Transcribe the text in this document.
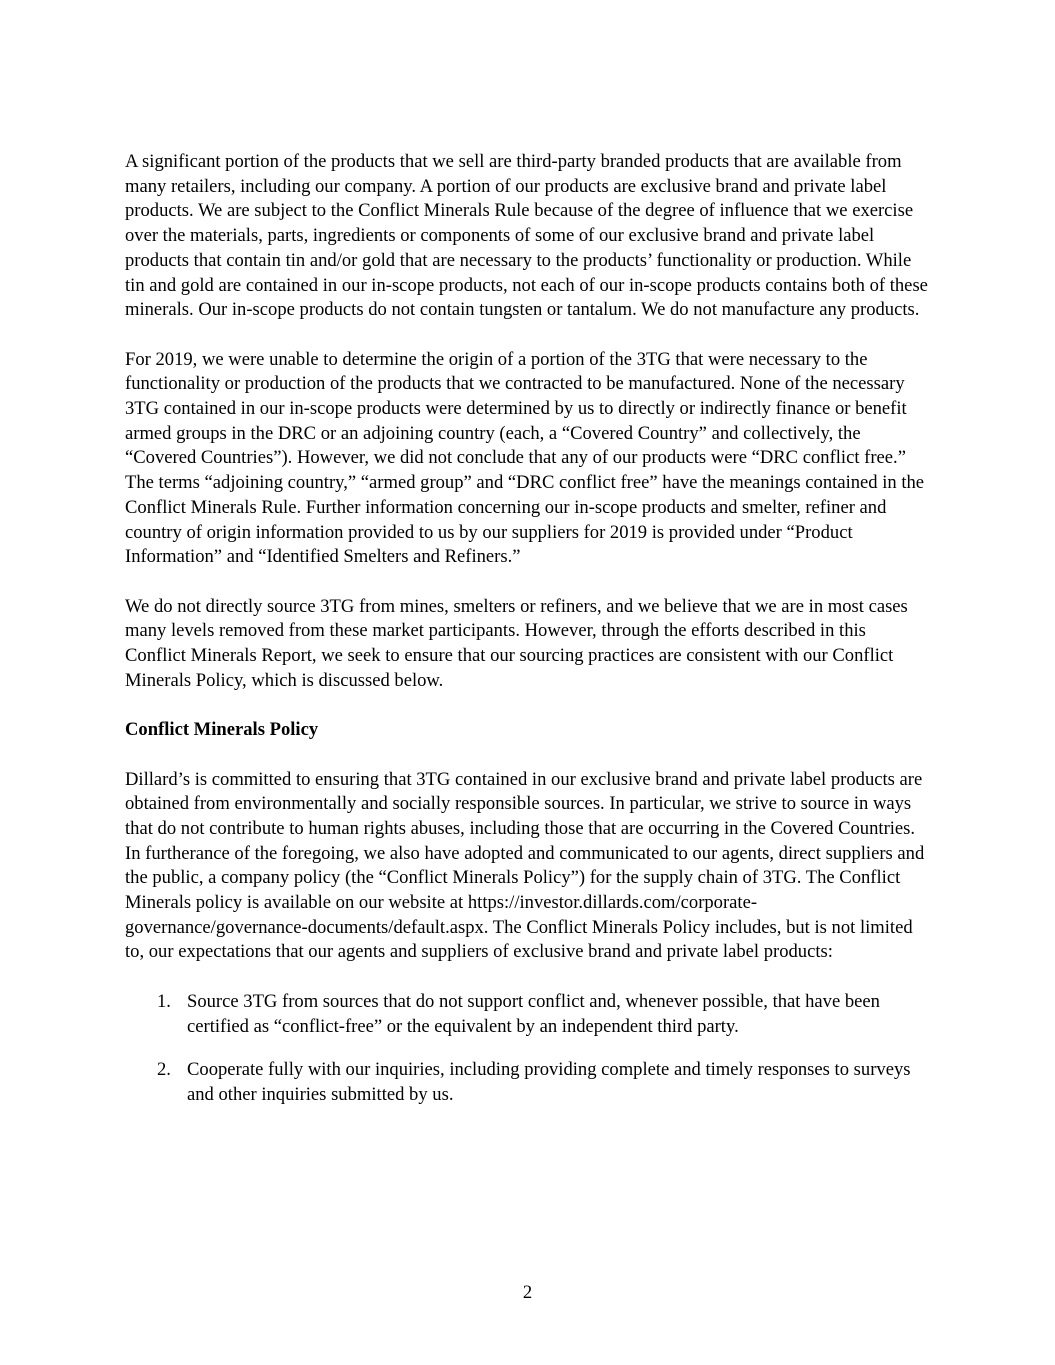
A significant portion of the products that we sell are third-party branded products that are available from many retailers, including our company. A portion of our products are exclusive brand and private label products. We are subject to the Conflict Minerals Rule because of the degree of influence that we exercise over the materials, parts, ingredients or components of some of our exclusive brand and private label products that contain tin and/or gold that are necessary to the products’ functionality or production. While tin and gold are contained in our in-scope products, not each of our in-scope products contains both of these minerals. Our in-scope products do not contain tungsten or tantalum. We do not manufacture any products.

For 2019, we were unable to determine the origin of a portion of the 3TG that were necessary to the functionality or production of the products that we contracted to be manufactured. None of the necessary 3TG contained in our in-scope products were determined by us to directly or indirectly finance or benefit armed groups in the DRC or an adjoining country (each, a “Covered Country” and collectively, the “Covered Countries”). However, we did not conclude that any of our products were “DRC conflict free.” The terms “adjoining country,” “armed group” and “DRC conflict free” have the meanings contained in the Conflict Minerals Rule. Further information concerning our in-scope products and smelter, refiner and country of origin information provided to us by our suppliers for 2019 is provided under “Product Information” and “Identified Smelters and Refiners.”

We do not directly source 3TG from mines, smelters or refiners, and we believe that we are in most cases many levels removed from these market participants. However, through the efforts described in this Conflict Minerals Report, we seek to ensure that our sourcing practices are consistent with our Conflict Minerals Policy, which is discussed below.

Conflict Minerals Policy

Dillard’s is committed to ensuring that 3TG contained in our exclusive brand and private label products are obtained from environmentally and socially responsible sources. In particular, we strive to source in ways that do not contribute to human rights abuses, including those that are occurring in the Covered Countries. In furtherance of the foregoing, we also have adopted and communicated to our agents, direct suppliers and the public, a company policy (the “Conflict Minerals Policy”) for the supply chain of 3TG. The Conflict Minerals policy is available on our website at https://investor.dillards.com/corporate-governance/governance-documents/default.aspx. The Conflict Minerals Policy includes, but is not limited to, our expectations that our agents and suppliers of exclusive brand and private label products:

1. Source 3TG from sources that do not support conflict and, whenever possible, that have been certified as “conflict-free” or the equivalent by an independent third party.
2. Cooperate fully with our inquiries, including providing complete and timely responses to surveys and other inquiries submitted by us.
2
